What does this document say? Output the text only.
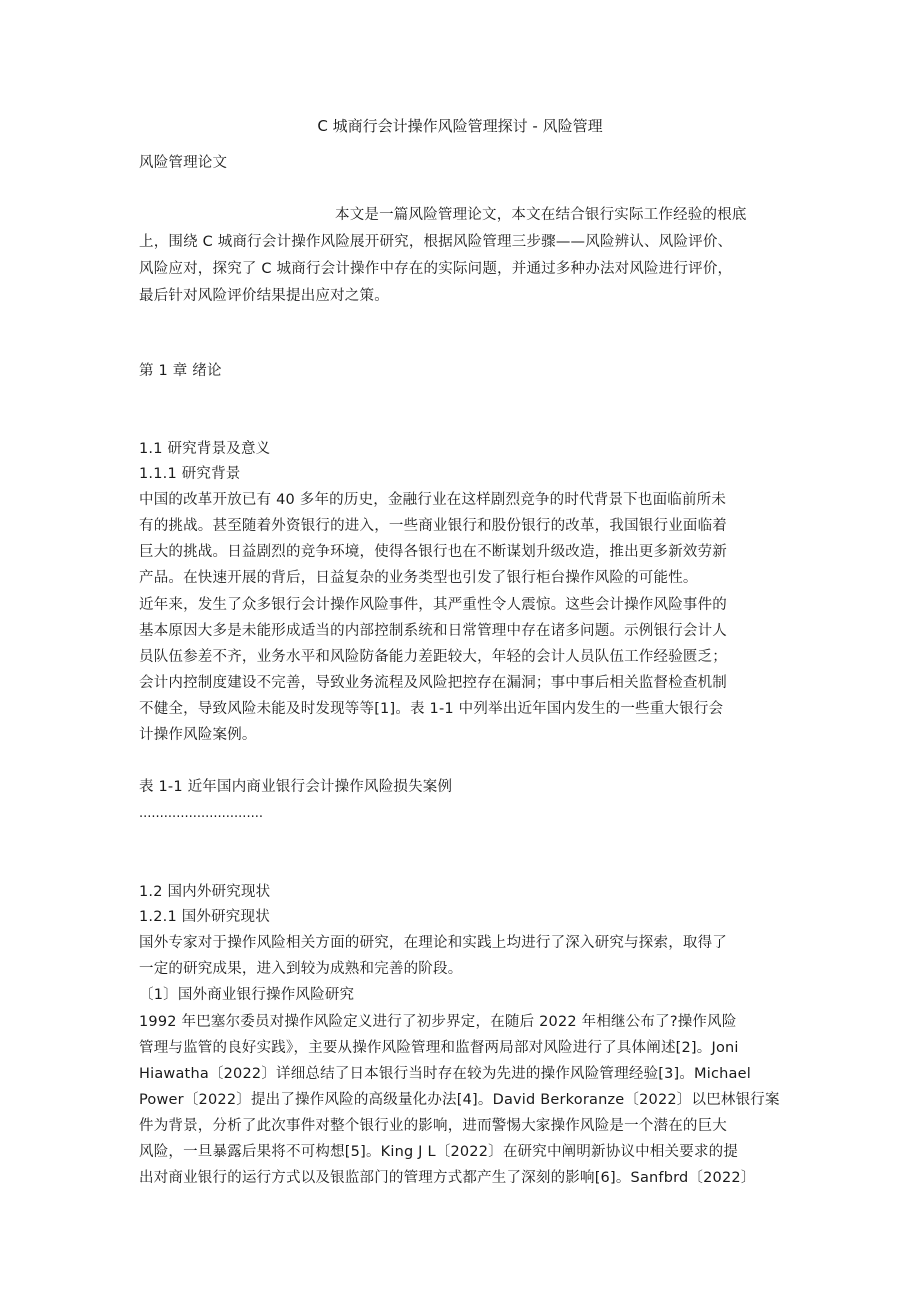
C 城商行会计操作风险管理探讨 - 风险管理
风险管理论文
本文是一篇风险管理论文，本文在结合银行实际工作经验的根底
上，围绕 C 城商行会计操作风险展开研究，根据风险管理三步骤——风险辨认、风险评价、
风险应对，探究了 C 城商行会计操作中存在的实际问题，并通过多种办法对风险进行评价，
最后针对风险评价结果提出应对之策。
第 1 章 绪论
1.1 研究背景及意义
1.1.1 研究背景
中国的改革开放已有 40 多年的历史，金融行业在这样剧烈竞争的时代背景下也面临前所未
有的挑战。甚至随着外资银行的进入，一些商业银行和股份银行的改革，我国银行业面临着
巨大的挑战。日益剧烈的竞争环境，使得各银行也在不断谋划升级改造，推出更多新效劳新
产品。在快速开展的背后，日益复杂的业务类型也引发了银行柜台操作风险的可能性。
近年来，发生了众多银行会计操作风险事件，其严重性令人震惊。这些会计操作风险事件的
基本原因大多是未能形成适当的内部控制系统和日常管理中存在诸多问题。示例银行会计人
员队伍参差不齐，业务水平和风险防备能力差距较大，年轻的会计人员队伍工作经验匮乏；
会计内控制度建设不完善，导致业务流程及风险把控存在漏洞；事中事后相关监督检查机制
不健全，导致风险未能及时发现等等[1]。表 1-1 中列举出近年国内发生的一些重大银行会
计操作风险案例。
表 1-1 近年国内商业银行会计操作风险损失案例
..............................
1.2 国内外研究现状
1.2.1 国外研究现状
国外专家对于操作风险相关方面的研究，在理论和实践上均进行了深入研究与探索，取得了
一定的研究成果，进入到较为成熟和完善的阶段。
〔1〕国外商业银行操作风险研究
1992 年巴塞尔委员对操作风险定义进行了初步界定，在随后 2022 年相继公布了?操作风险
管理与监管的良好实践》，主要从操作风险管理和监督两局部对风险进行了具体阐述[2]。Joni
Hiawatha〔2022〕详细总结了日本银行当时存在较为先进的操作风险管理经验[3]。Michael
Power〔2022〕提出了操作风险的高级量化办法[4]。David Berkoranze〔2022〕以巴林银行案
件为背景，分析了此次事件对整个银行业的影响，进而警惕大家操作风险是一个潜在的巨大
风险，一旦暴露后果将不可构想[5]。King J L〔2022〕在研究中阐明新协议中相关要求的提
出对商业银行的运行方式以及银监部门的管理方式都产生了深刻的影响[6]。Sanfbrd〔2022〕
